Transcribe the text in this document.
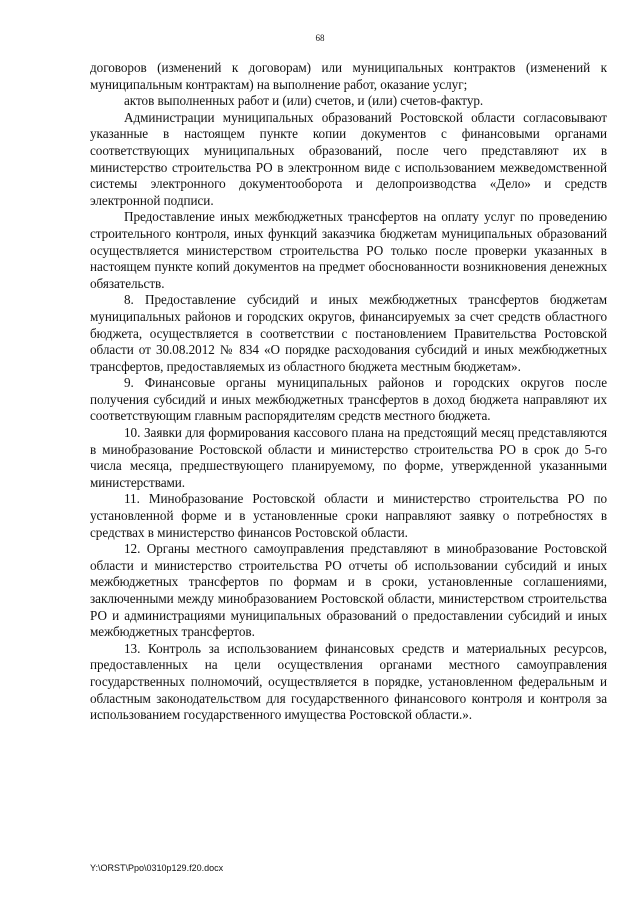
68

договоров (изменений к договорам) или муниципальных контрактов (изменений к муниципальным контрактам) на выполнение работ, оказание услуг;

актов выполненных работ и (или) счетов, и (или) счетов-фактур.

Администрации муниципальных образований Ростовской области согласовывают указанные в настоящем пункте копии документов с финансовыми органами соответствующих муниципальных образований, после чего представляют их в министерство строительства РО в электронном виде с использованием межведомственной системы электронного документооборота и делопроизводства «Дело» и средств электронной подписи.

Предоставление иных межбюджетных трансфертов на оплату услуг по проведению строительного контроля, иных функций заказчика бюджетам муниципальных образований осуществляется министерством строительства РО только после проверки указанных в настоящем пункте копий документов на предмет обоснованности возникновения денежных обязательств.

8. Предоставление субсидий и иных межбюджетных трансфертов бюджетам муниципальных районов и городских округов, финансируемых за счет средств областного бюджета, осуществляется в соответствии с постановлением Правительства Ростовской области от 30.08.2012 № 834 «О порядке расходования субсидий и иных межбюджетных трансфертов, предоставляемых из областного бюджета местным бюджетам».

9. Финансовые органы муниципальных районов и городских округов после получения субсидий и иных межбюджетных трансфертов в доход бюджета направляют их соответствующим главным распорядителям средств местного бюджета.

10. Заявки для формирования кассового плана на предстоящий месяц представляются в минобразование Ростовской области и министерство строительства РО в срок до 5-го числа месяца, предшествующего планируемому, по форме, утвержденной указанными министерствами.

11. Минобразование Ростовской области и министерство строительства РО по установленной форме и в установленные сроки направляют заявку о потребностях в средствах в министерство финансов Ростовской области.

12. Органы местного самоуправления представляют в минобразование Ростовской области и министерство строительства РО отчеты об использовании субсидий и иных межбюджетных трансфертов по формам и в сроки, установленные соглашениями, заключенными между минобразованием Ростовской области, министерством строительства РО и администрациями муниципальных образований о предоставлении субсидий и иных межбюджетных трансфертов.

13. Контроль за использованием финансовых средств и материальных ресурсов, предоставленных на цели осуществления органами местного самоуправления государственных полномочий, осуществляется в порядке, установленном федеральным и областным законодательством для государственного финансового контроля и контроля за использованием государственного имущества Ростовской области.».

Y:\ORST\Ppo\0310p129.f20.docx
